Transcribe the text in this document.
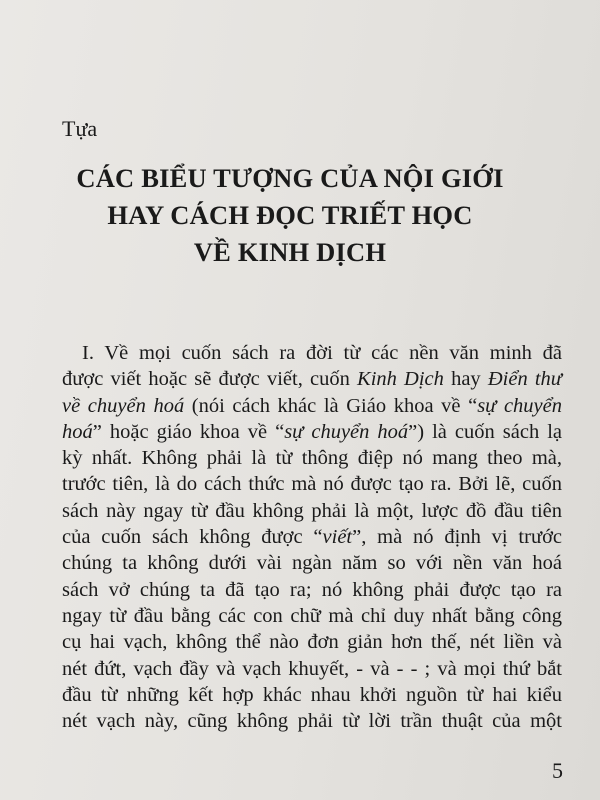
Tựa
CÁC BIỂU TƯỢNG CỦA NỘI GIỚI
HAY CÁCH ĐỌC TRIẾT HỌC
VỀ KINH DỊCH
I. Về mọi cuốn sách ra đời từ các nền văn minh đã
được viết hoặc sẽ được viết, cuốn Kinh Dịch hay Điển thư
về chuyển hoá (nói cách khác là Giáo khoa về “sự chuyển
hoá” hoặc giáo khoa về “sự chuyển hoá”) là cuốn sách lạ
kỳ nhất. Không phải là từ thông điệp nó mang theo mà,
trước tiên, là do cách thức mà nó được tạo ra. Bởi lẽ, cuốn
sách này ngay từ đầu không phải là một, lược đồ đầu tiên
của cuốn sách không được “viết”, mà nó định vị trước
chúng ta không dưới vài ngàn năm so với nền văn hoá
sách vở chúng ta đã tạo ra; nó không phải được tạo ra
ngay từ đầu bằng các con chữ mà chỉ duy nhất bằng công
cụ hai vạch, không thể nào đơn giản hơn thế, nét liền và
nét đứt, vạch đầy và vạch khuyết, - và - - ; và mọi thứ bắt
đầu từ những kết hợp khác nhau khởi nguồn từ hai kiểu
nét vạch này, cũng không phải từ lời trần thuật của một
5
